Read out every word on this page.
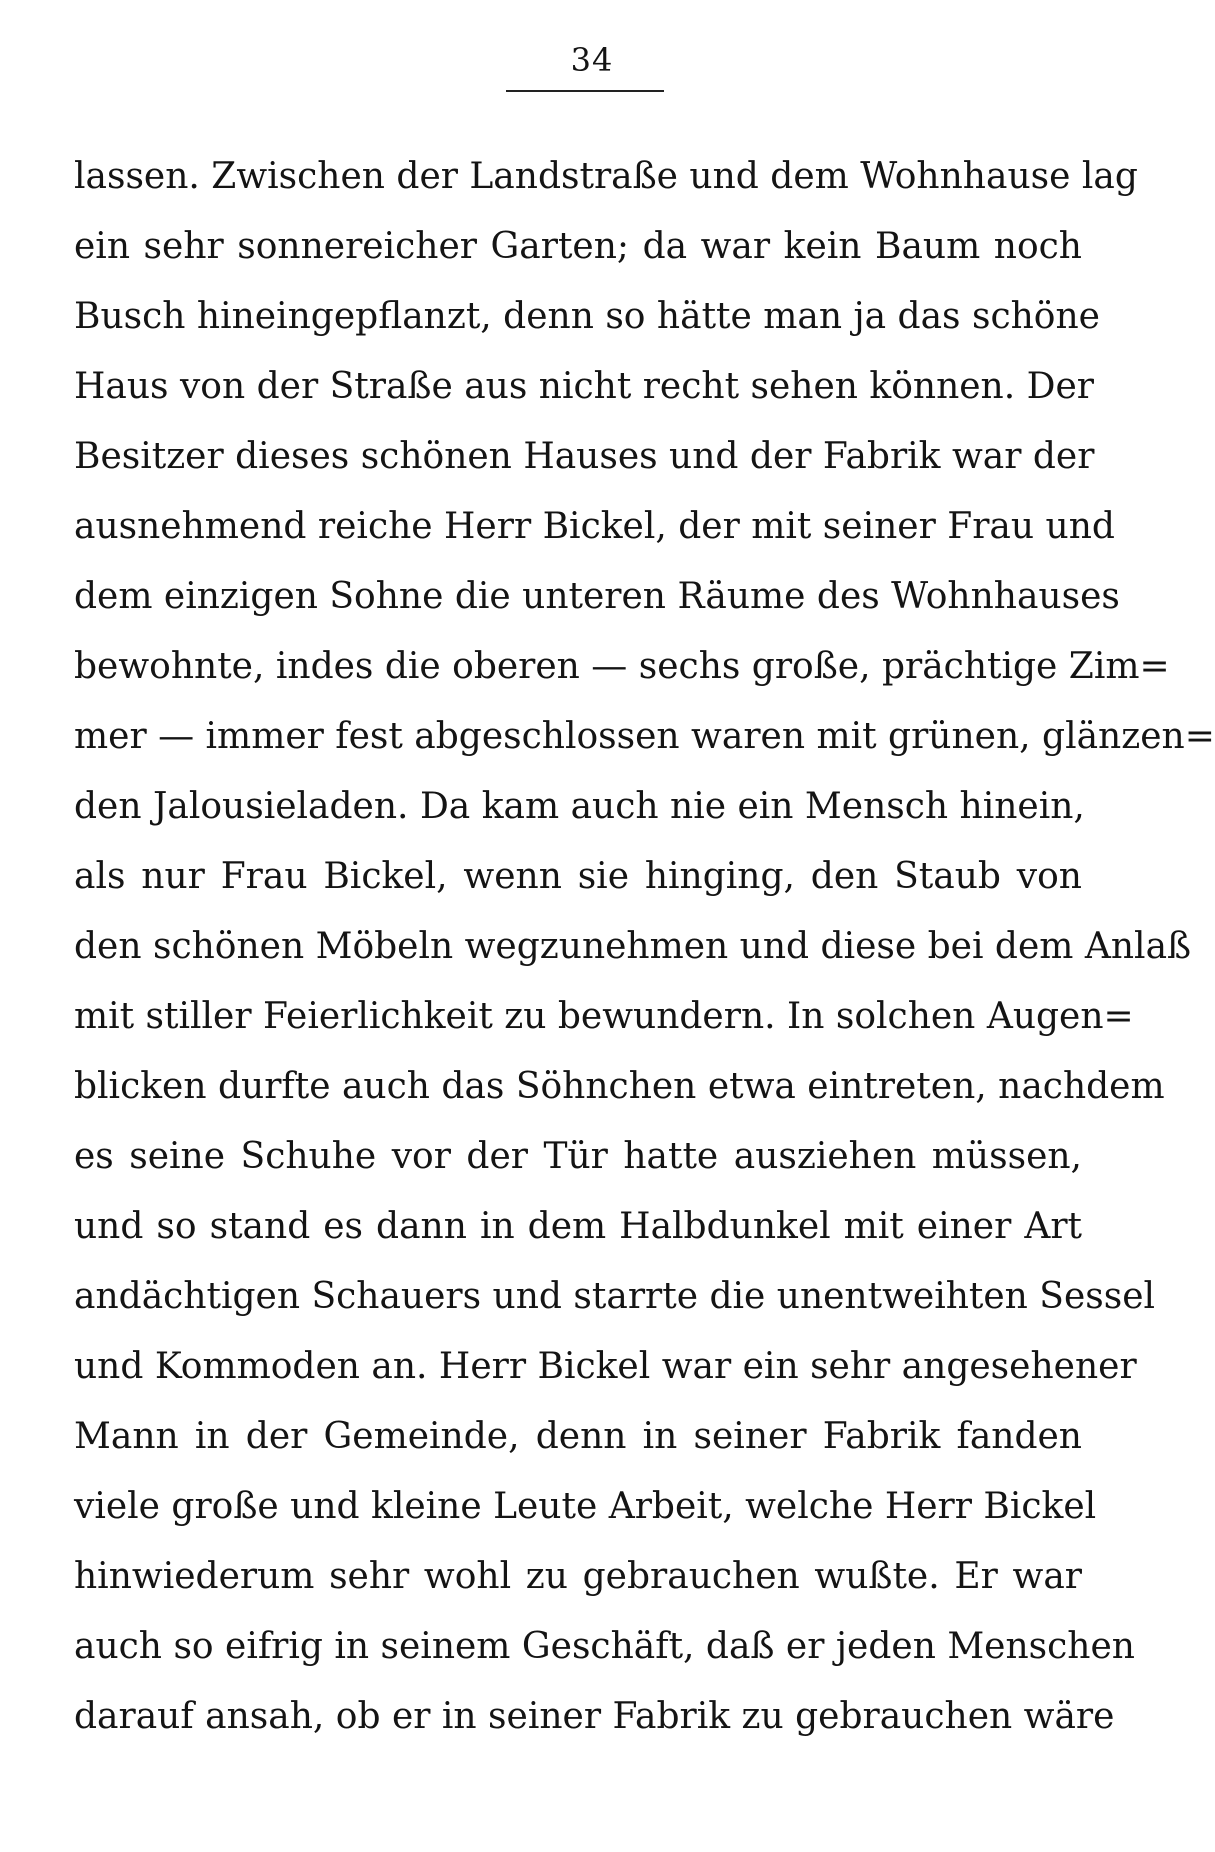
34
lassen. Zwischen der Landstraße und dem Wohnhause lag
ein sehr sonnereicher Garten; da war kein Baum noch
Busch hineingepflanzt, denn so hätte man ja das schöne
Haus von der Straße aus nicht recht sehen können. Der
Besitzer dieses schönen Hauses und der Fabrik war der
ausnehmend reiche Herr Bickel, der mit seiner Frau und
dem einzigen Sohne die unteren Räume des Wohnhauses
bewohnte, indes die oberen — sechs große, prächtige Zim=
mer — immer fest abgeschlossen waren mit grünen, glänzen=
den Jalousieladen. Da kam auch nie ein Mensch hinein,
als nur Frau Bickel, wenn sie hinging, den Staub von
den schönen Möbeln wegzunehmen und diese bei dem Anlaß
mit stiller Feierlichkeit zu bewundern. In solchen Augen=
blicken durfte auch das Söhnchen etwa eintreten, nachdem
es seine Schuhe vor der Tür hatte ausziehen müssen,
und so stand es dann in dem Halbdunkel mit einer Art
andächtigen Schauers und starrte die unentweihten Sessel
und Kommoden an. Herr Bickel war ein sehr angesehener
Mann in der Gemeinde, denn in seiner Fabrik fanden
viele große und kleine Leute Arbeit, welche Herr Bickel
hinwiederum sehr wohl zu gebrauchen wußte. Er war
auch so eifrig in seinem Geschäft, daß er jeden Menschen
darauf ansah, ob er in seiner Fabrik zu gebrauchen wäre
